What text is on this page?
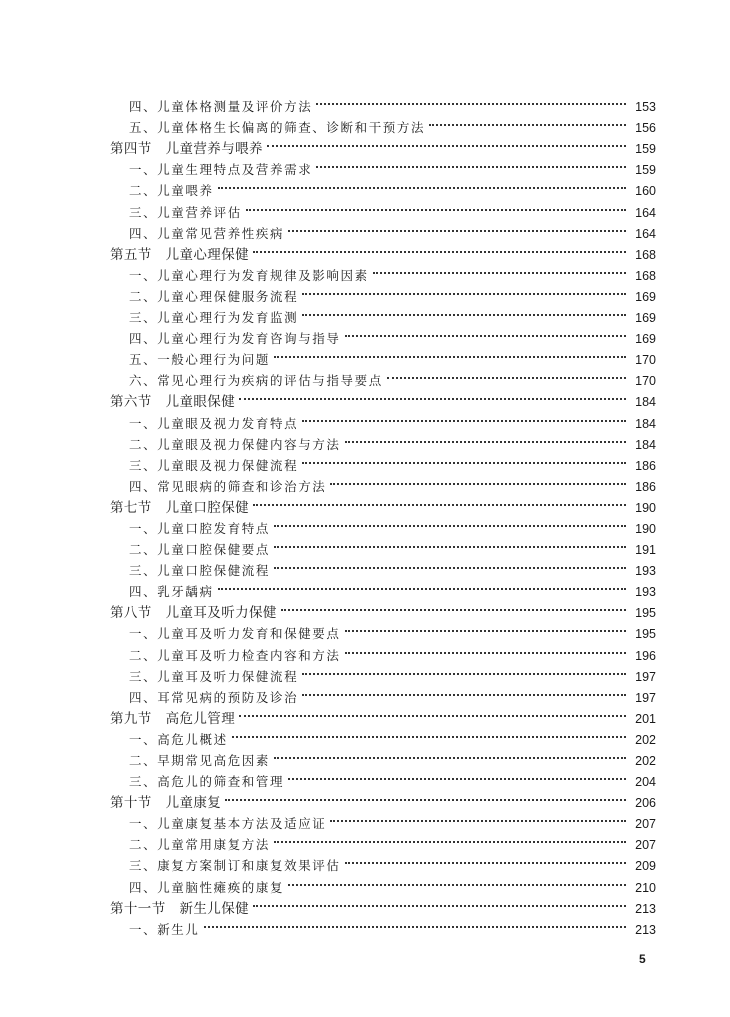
四、儿童体格测量及评价方法	153
五、儿童体格生长偏离的筛查、诊断和干预方法	156
第四节　儿童营养与喂养	159
一、儿童生理特点及营养需求	159
二、儿童喂养	160
三、儿童营养评估	164
四、儿童常见营养性疾病	164
第五节　儿童心理保健	168
一、儿童心理行为发育规律及影响因素	168
二、儿童心理保健服务流程	169
三、儿童心理行为发育监测	169
四、儿童心理行为发育咨询与指导	169
五、一般心理行为问题	170
六、常见心理行为疾病的评估与指导要点	170
第六节　儿童眼保健	184
一、儿童眼及视力发育特点	184
二、儿童眼及视力保健内容与方法	184
三、儿童眼及视力保健流程	186
四、常见眼病的筛查和诊治方法	186
第七节　儿童口腔保健	190
一、儿童口腔发育特点	190
二、儿童口腔保健要点	191
三、儿童口腔保健流程	193
四、乳牙龋病	193
第八节　儿童耳及听力保健	195
一、儿童耳及听力发育和保健要点	195
二、儿童耳及听力检查内容和方法	196
三、儿童耳及听力保健流程	197
四、耳常见病的预防及诊治	197
第九节　高危儿管理	201
一、高危儿概述	202
二、早期常见高危因素	202
三、高危儿的筛查和管理	204
第十节　儿童康复	206
一、儿童康复基本方法及适应证	207
二、儿童常用康复方法	207
三、康复方案制订和康复效果评估	209
四、儿童脑性瘫痪的康复	210
第十一节　新生儿保健	213
一、新生儿	213
5
